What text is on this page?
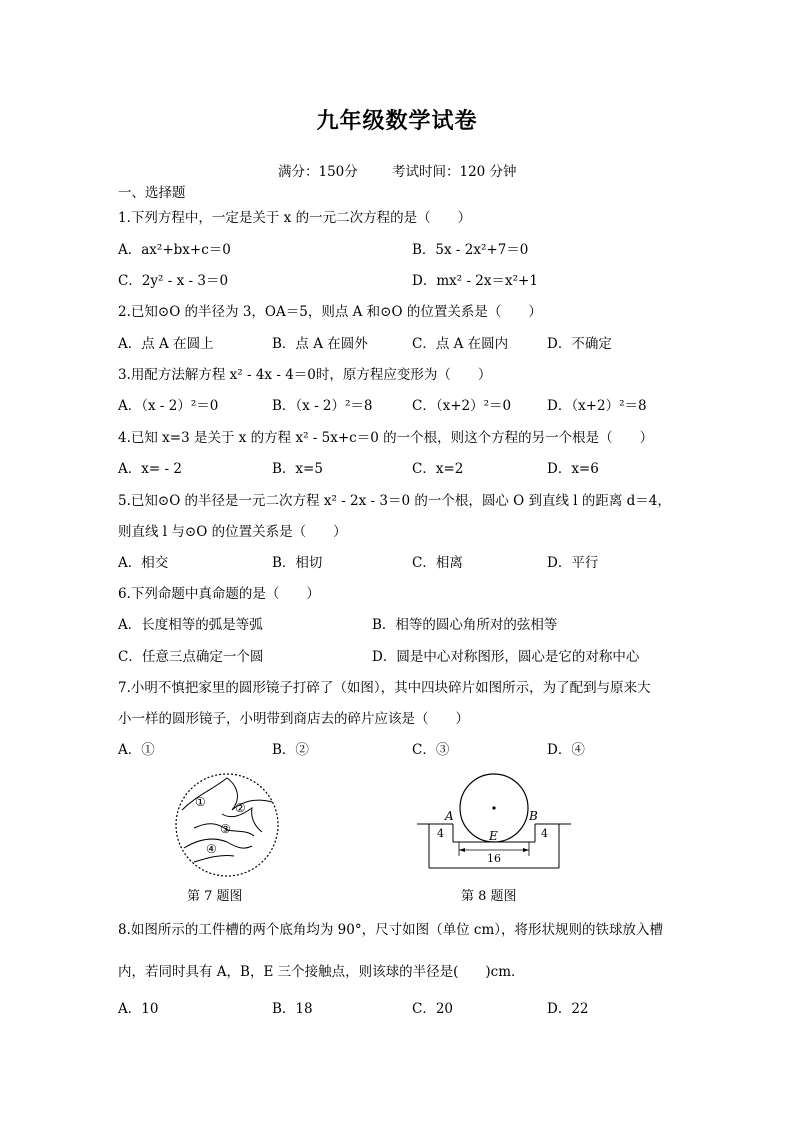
九年级数学试卷
满分：150分	考试时间：120 分钟
一、选择题
1.下列方程中，一定是关于 x 的一元二次方程的是（　　）
A．ax²+bx+c＝0	B．5x - 2x²+7＝0
C．2y² - x - 3＝0	D．mx² - 2x＝x²+1
2.已知⊙O 的半径为 3，OA＝5，则点 A 和⊙O 的位置关系是（　　）
A．点 A 在圆上	B．点 A 在圆外	C．点 A 在圆内	D．不确定
3.用配方法解方程 x² - 4x - 4＝0时，原方程应变形为（　　）
A．（x - 2）²＝0	B．（x - 2）²＝8	C．（x+2）²＝0	D．（x+2）²＝8
4.已知 x=3 是关于 x 的方程 x² - 5x+c＝0 的一个根，则这个方程的另一个根是（　　）
A．x= - 2	B．x=5	C．x=2	D．x=6
5.已知⊙O 的半径是一元二次方程 x² - 2x - 3＝0 的一个根，圆心 O 到直线 l 的距离 d＝4，
则直线 l 与⊙O 的位置关系是（　　）
A．相交	B．相切	C．相离	D．平行
6.下列命题中真命题的是（　　）
A．长度相等的弧是等弧	B．相等的圆心角所对的弦相等
C．任意三点确定一个圆	D．圆是中心对称图形，圆心是它的对称中心
7.小明不慎把家里的圆形镜子打碎了（如图），其中四块碎片如图所示，为了配到与原来大
小一样的圆形镜子，小明带到商店去的碎片应该是（　　）
A．①	B．②	C．③	D．④
① ②
③
④
第 7 题图
A	B
E
4	4
16
第 8 题图
8.如图所示的工件槽的两个底角均为 90°，尺寸如图（单位 cm），将形状规则的铁球放入槽
内，若同时具有 A，B，E 三个接触点，则该球的半径是(　　)cm．
A．10	B．18	C．20	D．22
